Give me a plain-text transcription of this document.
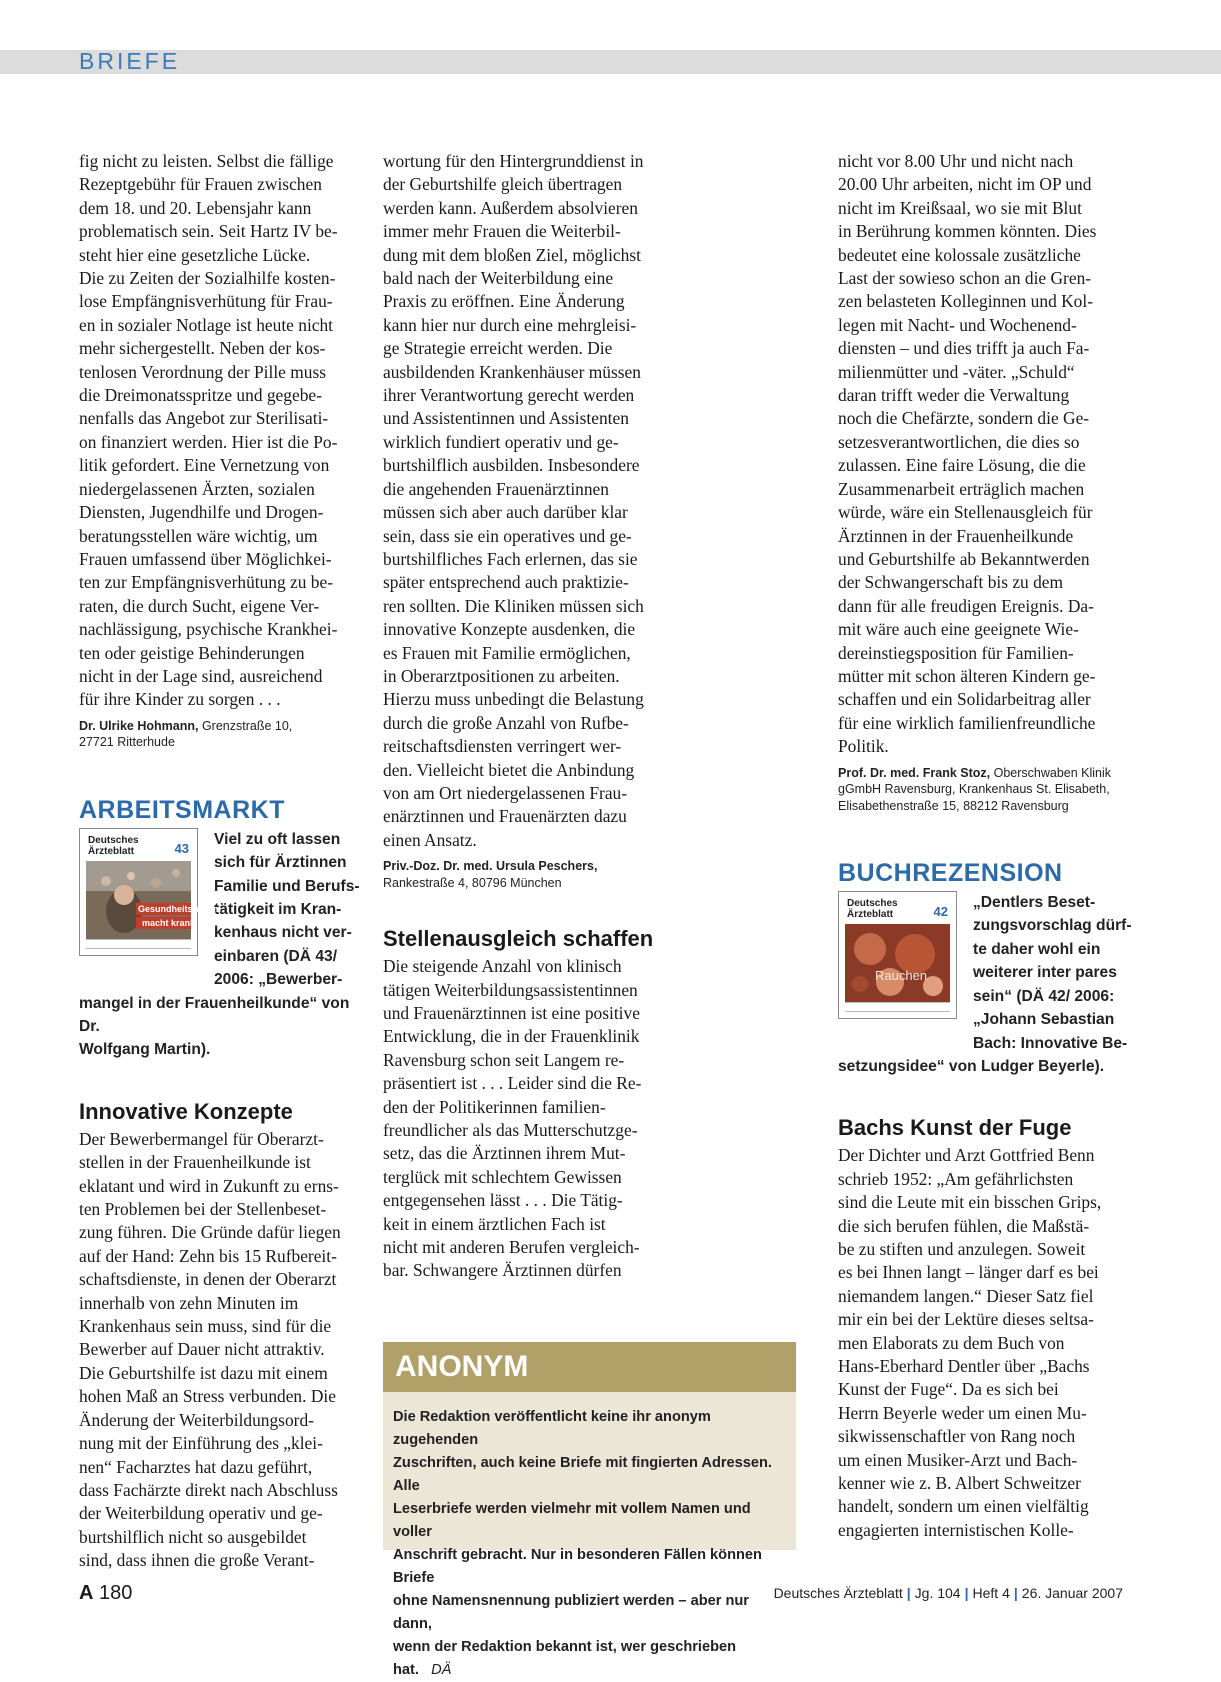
BRIEFE

fig nicht zu leisten. Selbst die fällige
Rezeptgebühr für Frauen zwischen
dem 18. und 20. Lebensjahr kann
problematisch sein. Seit Hartz IV be-
steht hier eine gesetzliche Lücke.
Die zu Zeiten der Sozialhilfe kosten-
lose Empfängnisverhütung für Frau-
en in sozialer Notlage ist heute nicht
mehr sichergestellt. Neben der kos-
tenlosen Verordnung der Pille muss
die Dreimonatsspritze und gegebe-
nenfalls das Angebot zur Sterilisati-
on finanziert werden. Hier ist die Po-
litik gefordert. Eine Vernetzung von
niedergelassenen Ärzten, sozialen
Diensten, Jugendhilfe und Drogen-
beratungsstellen wäre wichtig, um
Frauen umfassend über Möglichkei-
ten zur Empfängnisverhütung zu be-
raten, die durch Sucht, eigene Ver-
nachlässigung, psychische Krankhei-
ten oder geistige Behinderungen
nicht in der Lage sind, ausreichend
für ihre Kinder zu sorgen . . .

Dr. Ulrike Hohmann, Grenzstraße 10,
27721 Ritterhude
ARBEITSMARKT
Deutsches
Ärzteblatt	43
Gesundheitsreform
macht krank
Viel zu oft lassen
sich für Ärztinnen
Familie und Berufs-
tätigkeit im Kran-
kenhaus nicht ver-
einbaren (DÄ 43/
2006: „Bewerber-
mangel in der Frauenheilkunde“ von Dr.
Wolfgang Martin).
Innovative Konzepte

Der Bewerbermangel für Oberarzt-
stellen in der Frauenheilkunde ist
eklatant und wird in Zukunft zu erns-
ten Problemen bei der Stellenbeset-
zung führen. Die Gründe dafür liegen
auf der Hand: Zehn bis 15 Rufbereit-
schaftsdienste, in denen der Oberarzt
innerhalb von zehn Minuten im
Krankenhaus sein muss, sind für die
Bewerber auf Dauer nicht attraktiv.
Die Geburtshilfe ist dazu mit einem
hohen Maß an Stress verbunden. Die
Änderung der Weiterbildungsord-
nung mit der Einführung des „klei-
nen“ Facharztes hat dazu geführt,
dass Fachärzte direkt nach Abschluss
der Weiterbildung operativ und ge-
burtshilflich nicht so ausgebildet
sind, dass ihnen die große Verant-

wortung für den Hintergrunddienst in
der Geburtshilfe gleich übertragen
werden kann. Außerdem absolvieren
immer mehr Frauen die Weiterbil-
dung mit dem bloßen Ziel, möglichst
bald nach der Weiterbildung eine
Praxis zu eröffnen. Eine Änderung
kann hier nur durch eine mehrgleisi-
ge Strategie erreicht werden. Die
ausbildenden Krankenhäuser müssen
ihrer Verantwortung gerecht werden
und Assistentinnen und Assistenten
wirklich fundiert operativ und ge-
burtshilflich ausbilden. Insbesondere
die angehenden Frauenärztinnen
müssen sich aber auch darüber klar
sein, dass sie ein operatives und ge-
burtshilfliches Fach erlernen, das sie
später entsprechend auch praktizie-
ren sollten. Die Kliniken müssen sich
innovative Konzepte ausdenken, die
es Frauen mit Familie ermöglichen,
in Oberarztpositionen zu arbeiten.
Hierzu muss unbedingt die Belastung
durch die große Anzahl von Rufbe-
reitschaftsdiensten verringert wer-
den. Vielleicht bietet die Anbindung
von am Ort niedergelassenen Frau-
enärztinnen und Frauenärzten dazu
einen Ansatz.

Priv.-Doz. Dr. med. Ursula Peschers,
Rankestraße 4, 80796 München
Stellenausgleich schaffen

Die steigende Anzahl von klinisch
tätigen Weiterbildungsassistentinnen
und Frauenärztinnen ist eine positive
Entwicklung, die in der Frauenklinik
Ravensburg schon seit Langem re-
präsentiert ist . . . Leider sind die Re-
den der Politikerinnen familien-
freundlicher als das Mutterschutzge-
setz, das die Ärztinnen ihrem Mut-
terglück mit schlechtem Gewissen
entgegensehen lässt . . . Die Tätig-
keit in einem ärztlichen Fach ist
nicht mit anderen Berufen vergleich-
bar. Schwangere Ärztinnen dürfen

ANONYM
Die Redaktion veröffentlicht keine ihr anonym zugehenden
Zuschriften, auch keine Briefe mit fingierten Adressen. Alle
Leserbriefe werden vielmehr mit vollem Namen und voller
Anschrift gebracht. Nur in besonderen Fällen können Briefe
ohne Namensnennung publiziert werden – aber nur dann,
wenn der Redaktion bekannt ist, wer geschrieben hat. DÄ

nicht vor 8.00 Uhr und nicht nach
20.00 Uhr arbeiten, nicht im OP und
nicht im Kreißsaal, wo sie mit Blut
in Berührung kommen könnten. Dies
bedeutet eine kolossale zusätzliche
Last der sowieso schon an die Gren-
zen belasteten Kolleginnen und Kol-
legen mit Nacht- und Wochenend-
diensten – und dies trifft ja auch Fa-
milienmütter und -väter. „Schuld“
daran trifft weder die Verwaltung
noch die Chefärzte, sondern die Ge-
setzesverantwortlichen, die dies so
zulassen. Eine faire Lösung, die die
Zusammenarbeit erträglich machen
würde, wäre ein Stellenausgleich für
Ärztinnen in der Frauenheilkunde
und Geburtshilfe ab Bekanntwerden
der Schwangerschaft bis zu dem
dann für alle freudigen Ereignis. Da-
mit wäre auch eine geeignete Wie-
dereinstiegsposition für Familien-
mütter mit schon älteren Kindern ge-
schaffen und ein Solidarbeitrag aller
für eine wirklich familienfreundliche
Politik.

Prof. Dr. med. Frank Stoz, Oberschwaben Klinik
gGmbH Ravensburg, Krankenhaus St. Elisabeth,
Elisabethenstraße 15, 88212 Ravensburg
BUCHREZENSION
Deutsches
Ärzteblatt	42
Rauchen
„Dentlers Beset-
zungsvorschlag dürf-
te daher wohl ein
weiterer inter pares
sein“ (DÄ 42/ 2006:
„Johann Sebastian
Bach: Innovative Be-
setzungsidee“ von Ludger Beyerle).
Bachs Kunst der Fuge

Der Dichter und Arzt Gottfried Benn
schrieb 1952: „Am gefährlichsten
sind die Leute mit ein bisschen Grips,
die sich berufen fühlen, die Maßstä-
be zu stiften und anzulegen. Soweit
es bei Ihnen langt – länger darf es bei
niemandem langen.“ Dieser Satz fiel
mir ein bei der Lektüre dieses seltsa-
men Elaborats zu dem Buch von
Hans-Eberhard Dentler über „Bachs
Kunst der Fuge“. Da es sich bei
Herrn Beyerle weder um einen Mu-
sikwissenschaftler von Rang noch
um einen Musiker-Arzt und Bach-
kenner wie z. B. Albert Schweitzer
handelt, sondern um einen vielfältig
engagierten internistischen Kolle-

A 180	Deutsches Ärzteblatt | Jg. 104 | Heft 4 | 26. Januar 2007
